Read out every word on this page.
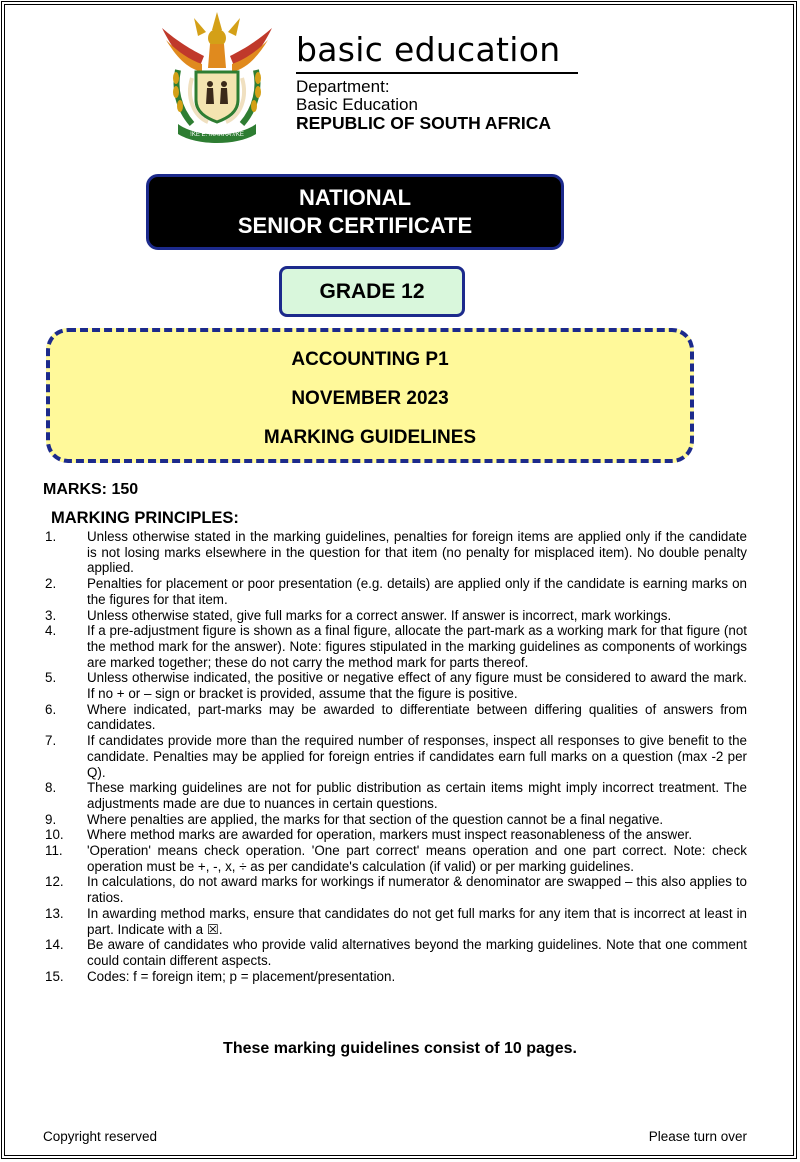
!KE E: /XARRA //KE
basic education
Department:
Basic Education
REPUBLIC OF SOUTH AFRICA
NATIONAL
SENIOR CERTIFICATE
GRADE 12
ACCOUNTING P1
NOVEMBER 2023
MARKING GUIDELINES
MARKS: 150
MARKING PRINCIPLES:
1.	Unless otherwise stated in the marking guidelines, penalties for foreign items are applied only if the candidate is not losing marks elsewhere in the question for that item (no penalty for misplaced item). No double penalty applied.
2.	Penalties for placement or poor presentation (e.g. details) are applied only if the candidate is earning marks on the figures for that item.
3.	Unless otherwise stated, give full marks for a correct answer. If answer is incorrect, mark workings.
4.	If a pre-adjustment figure is shown as a final figure, allocate the part-mark as a working mark for that figure (not the method mark for the answer). Note: figures stipulated in the marking guidelines as components of workings are marked together; these do not carry the method mark for parts thereof.
5.	Unless otherwise indicated, the positive or negative effect of any figure must be considered to award the mark. If no + or – sign or bracket is provided, assume that the figure is positive.
6.	Where indicated, part-marks may be awarded to differentiate between differing qualities of answers from candidates.
7.	If candidates provide more than the required number of responses, inspect all responses to give benefit to the candidate. Penalties may be applied for foreign entries if candidates earn full marks on a question (max -2 per Q).
8.	These marking guidelines are not for public distribution as certain items might imply incorrect treatment. The adjustments made are due to nuances in certain questions.
9.	Where penalties are applied, the marks for that section of the question cannot be a final negative.
10.	Where method marks are awarded for operation, markers must inspect reasonableness of the answer.
11.	'Operation' means check operation. 'One part correct' means operation and one part correct. Note: check operation must be +, -, x, ÷ as per candidate's calculation (if valid) or per marking guidelines.
12.	In calculations, do not award marks for workings if numerator & denominator are swapped – this also applies to ratios.
13.	In awarding method marks, ensure that candidates do not get full marks for any item that is incorrect at least in part. Indicate with a ☒.
14.	Be aware of candidates who provide valid alternatives beyond the marking guidelines. Note that one comment could contain different aspects.
15.	Codes: f = foreign item; p = placement/presentation.
These marking guidelines consist of 10 pages.
Copyright reserved	Please turn over
